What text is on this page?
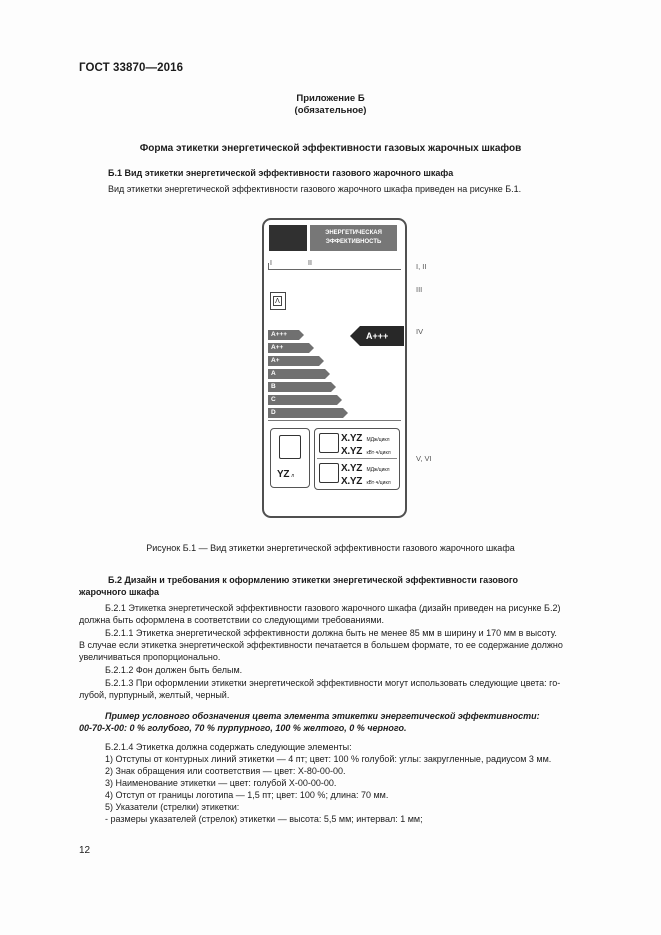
ГОСТ 33870—2016
Приложение Б
(обязательное)
Форма этикетки энергетической эффективности газовых жарочных шкафов
Б.1 Вид этикетки энергетической эффективности газового жарочного шкафа
Вид этикетки энергетической эффективности газового жарочного шкафа приведен на рисунке Б.1.
ЭНЕРГЕТИЧЕСКАЯ
ЭФФЕКТИВНОСТЬ
I	II
Λ
A+++
A++
A+
A
B
C
D
A+++
YZ л
X.YZ МДж/цикл
X.YZ кВт·ч/цикл
X.YZ МДж/цикл
X.YZ кВт·ч/цикл
I, II
III
IV
V, VI
Рисунок Б.1 — Вид этикетки энергетической эффективности газового жарочного шкафа
Б.2 Дизайн и требования к оформлению этикетки энергетической эффективности газового
жарочного шкафа
Б.2.1 Этикетка энергетической эффективности газового жарочного шкафа (дизайн приведен на рисунке Б.2)
должна быть оформлена в соответствии со следующими требованиями.
Б.2.1.1 Этикетка энергетической эффективности должна быть не менее 85 мм в ширину и 170 мм в высоту.
В случае если этикетка энергетической эффективности печатается в большем формате, то ее содержание должно
увеличиваться пропорционально.
Б.2.1.2 Фон должен быть белым.
Б.2.1.3 При оформлении этикетки энергетической эффективности могут использовать следующие цвета: го-
лубой, пурпурный, желтый, черный.
Пример условного обозначения цвета элемента этикетки энергетической эффективности:
00-70-X-00: 0 % голубого, 70 % пурпурного, 100 % желтого, 0 % черного.
Б.2.1.4 Этикетка должна содержать следующие элементы:
1) Отступы от контурных линий этикетки — 4 пт; цвет: 100 % голубой: углы: закругленные, радиусом 3 мм.
2) Знак обращения или соответствия — цвет: X-80-00-00.
3) Наименование этикетки — цвет: голубой X-00-00-00.
4) Отступ от границы логотипа — 1,5 пт; цвет: 100 %; длина: 70 мм.
5) Указатели (стрелки) этикетки:
- размеры указателей (стрелок) этикетки — высота: 5,5 мм; интервал: 1 мм;
12
